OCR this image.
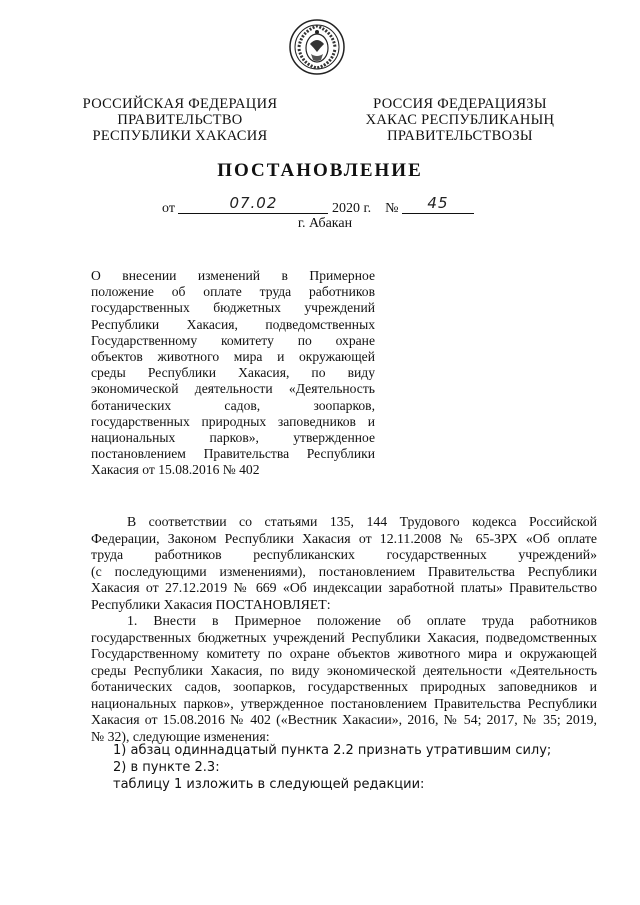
РОССИЙСКАЯ ФЕДЕРАЦИЯ
ПРАВИТЕЛЬСТВО
РЕСПУБЛИКИ ХАКАСИЯ
РОССИЯ ФЕДЕРАЦИЯЗЫ
ХАКАС РЕСПУБЛИКАНЫҢ
ПРАВИТЕЛЬСТВОЗЫ
ПОСТАНОВЛЕНИЕ
от	07.02	2020 г. № 45
г. Абакан
О внесении изменений в Примерное
положение об оплате труда работников
государственных бюджетных учреждений
Республики Хакасия, подведомственных
Государственному комитету по охране
объектов животного мира и окружающей
среды Республики Хакасия, по виду
экономической деятельности «Деятельность
ботанических садов, зоопарков,
государственных природных заповедников и
национальных парков», утвержденное
постановлением Правительства Республики
Хакасия от 15.08.2016 № 402
В соответствии со статьями 135, 144 Трудового кодекса Российской
Федерации, Законом Республики Хакасия от 12.11.2008 № 65-ЗРХ «Об оплате
труда работников республиканских государственных учреждений»
(с последующими изменениями), постановлением Правительства Республики
Хакасия от 27.12.2019 № 669 «Об индексации заработной платы» Правительство
Республики Хакасия ПОСТАНОВЛЯЕТ:
1. Внести в Примерное положение об оплате труда работников
государственных бюджетных учреждений Республики Хакасия, подведомственных
Государственному комитету по охране объектов животного мира и окружающей
среды Республики Хакасия, по виду экономической деятельности «Деятельность
ботанических садов, зоопарков, государственных природных заповедников и
национальных парков», утвержденное постановлением Правительства Республики
Хакасия от 15.08.2016 № 402 («Вестник Хакасии», 2016, № 54; 2017, № 35; 2019,
№ 32), следующие изменения:
1) абзац одиннадцатый пункта 2.2 признать утратившим силу;
2) в пункте 2.3:
таблицу 1 изложить в следующей редакции:
